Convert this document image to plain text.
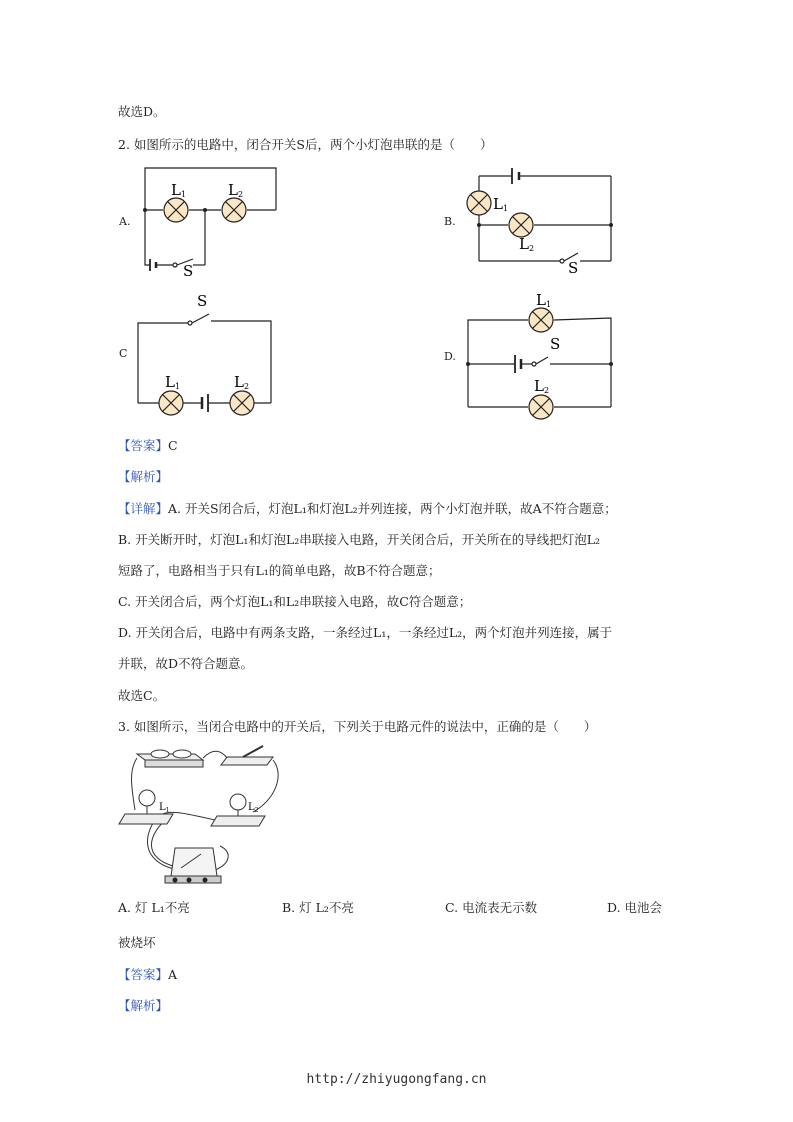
故选D。
2. 如图所示的电路中，闭合开关S后，两个小灯泡串联的是（　　）
A.
L1	L2
S
B.
L1
L2
S
C
S
L1	L2
D.
L1
S
L2
【答案】C
【解析】
【详解】A. 开关S闭合后，灯泡L₁和灯泡L₂并列连接，两个小灯泡并联，故A不符合题意；
B. 开关断开时，灯泡L₁和灯泡L₂串联接入电路，开关闭合后，开关所在的导线把灯泡L₂
短路了，电路相当于只有L₁的简单电路，故B不符合题意；
C. 开关闭合后，两个灯泡L₁和L₂串联接入电路，故C符合题意；
D. 开关闭合后，电路中有两条支路，一条经过L₁，一条经过L₂，两个灯泡并列连接，属于
并联，故D不符合题意。
故选C。
3. 如图所示，当闭合电路中的开关后，下列关于电路元件的说法中，正确的是（　　）
$L_1$	$L_2$
A. 灯 L₁不亮	B. 灯 L₂不亮	C. 电流表无示数	D. 电池会
被烧坏
【答案】A
【解析】
http://zhiyugongfang.cn
